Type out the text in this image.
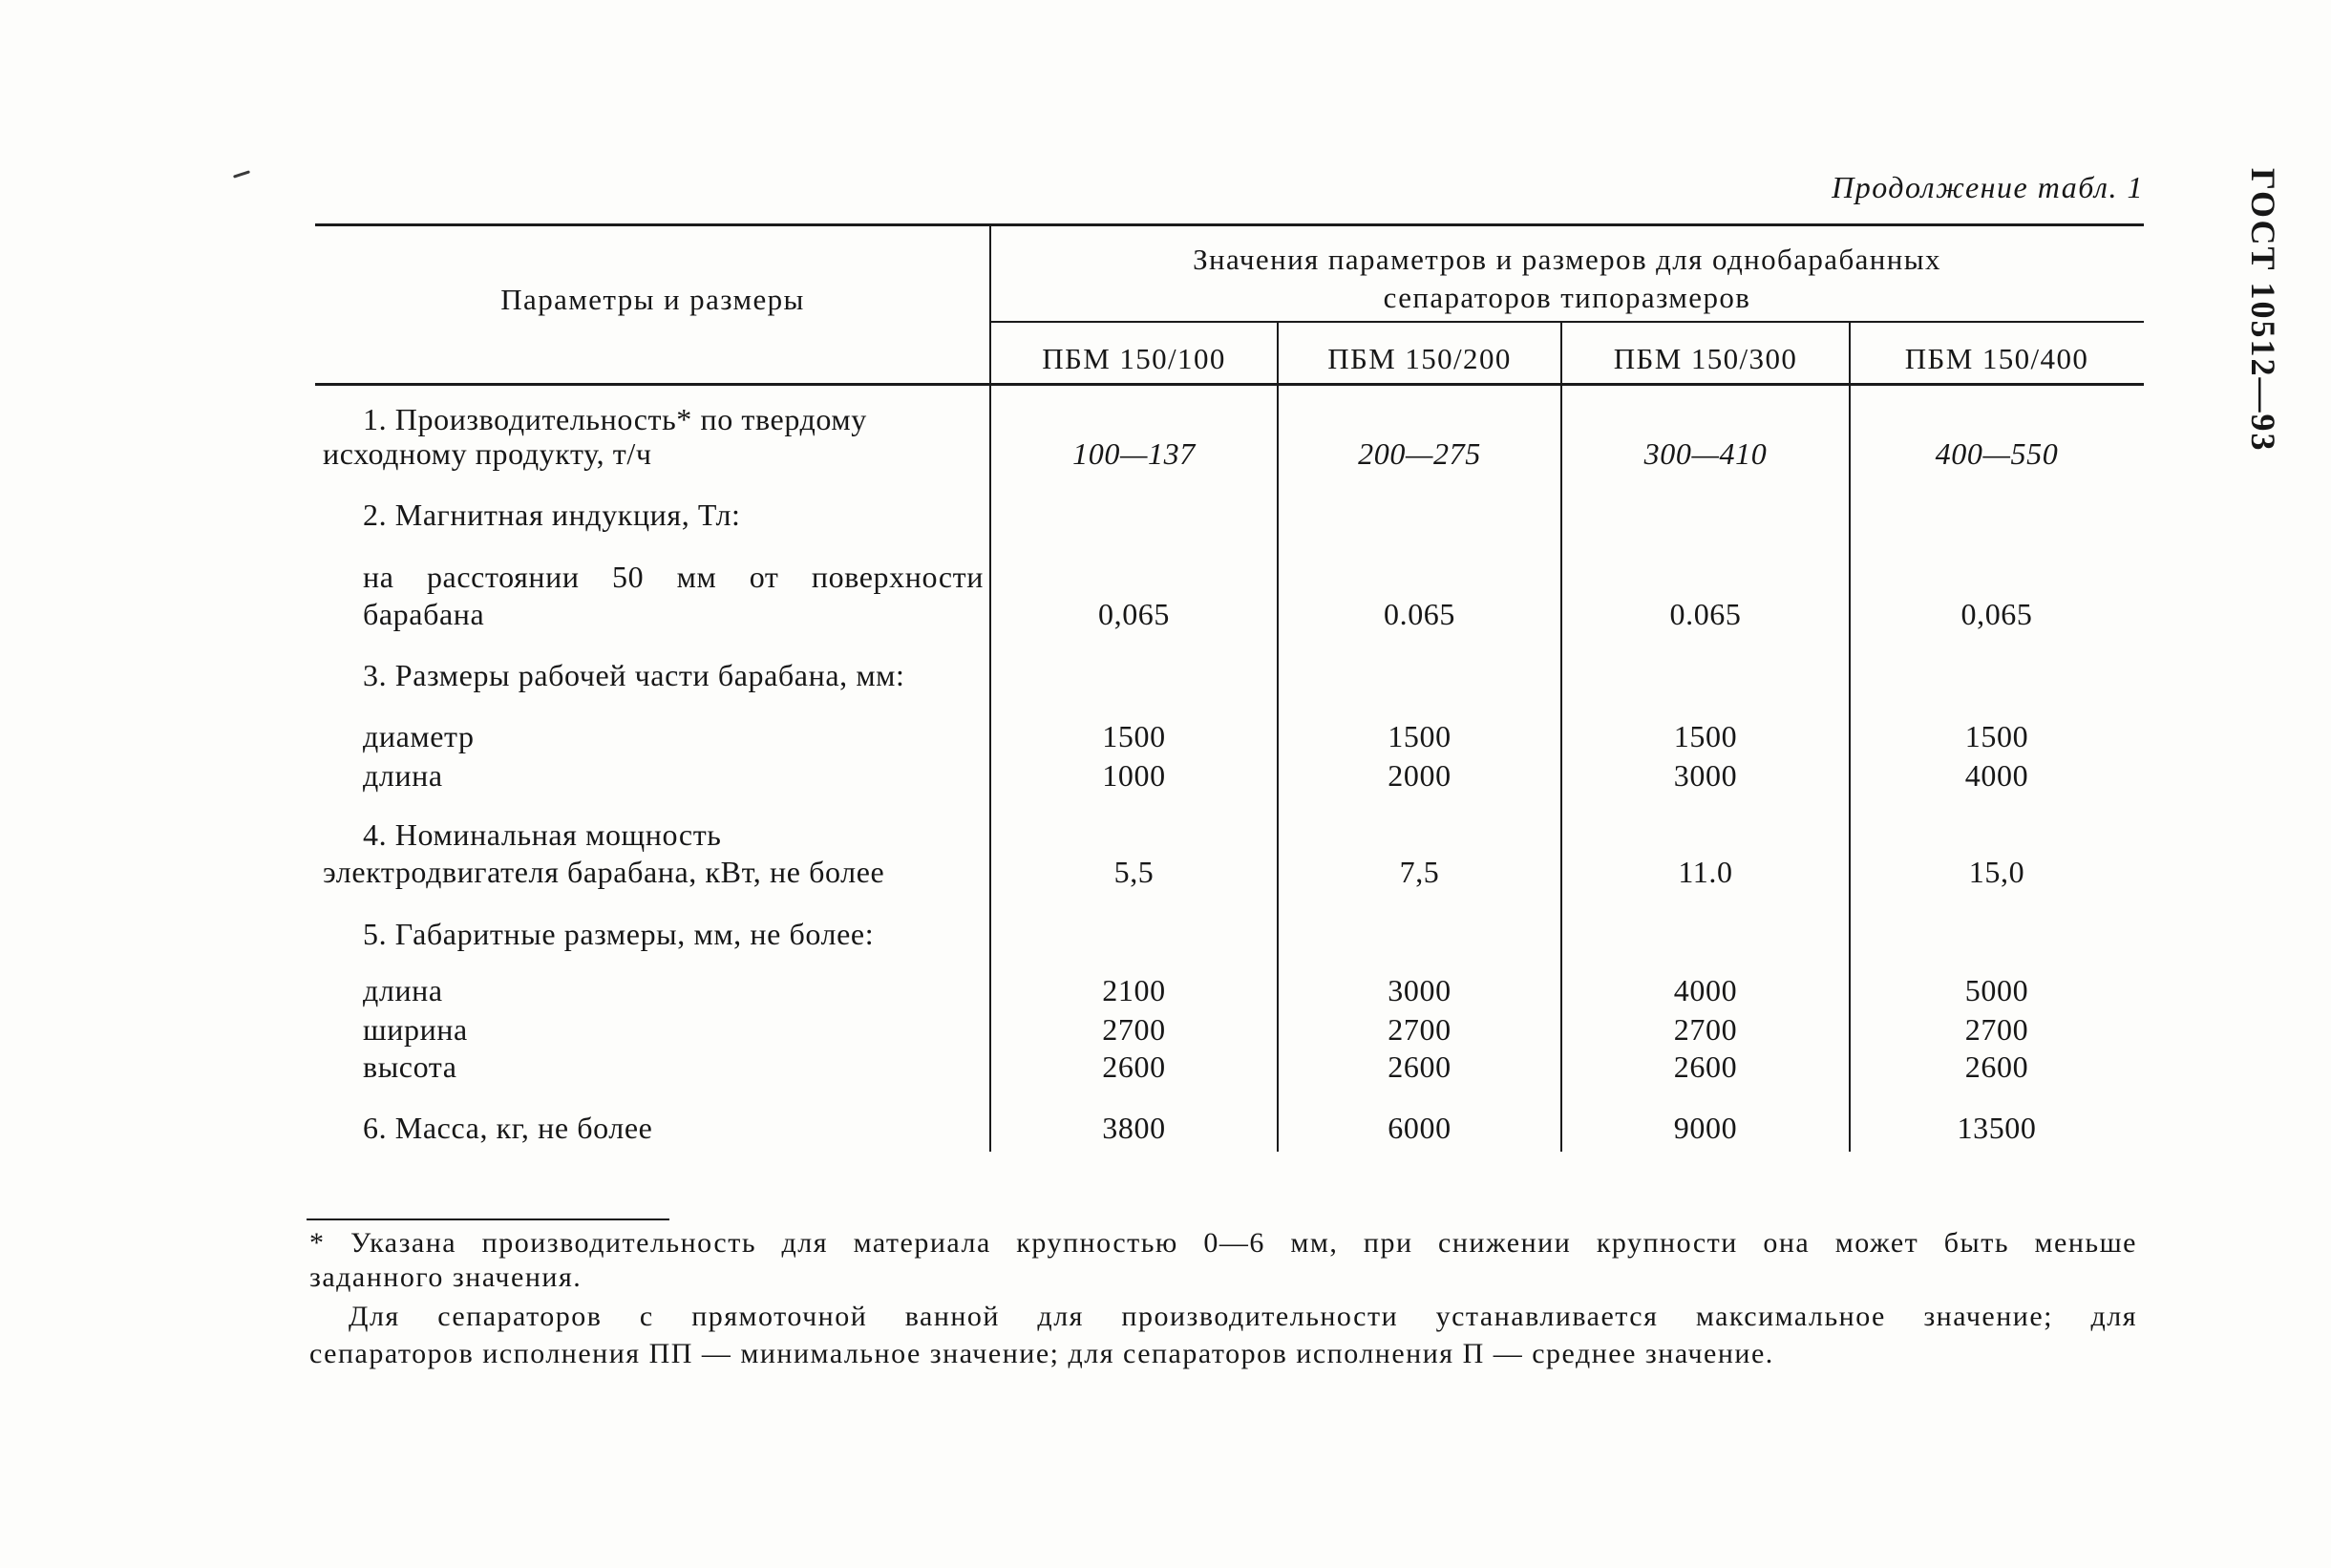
Продолжение табл. 1	ГОСТ 10512—93
Параметры и размеры
Значения параметров и размеров для однобарабанных
сепараторов типоразмеров
ПБМ 150/100	ПБМ 150/200	ПБМ 150/300	ПБМ 150/400
1. Производительность* по твердому
исходному продукту, т/ч	100—137	200—275	300—410	400—550
2. Магнитная индукция, Тл:
на расстоянии 50 мм от поверхности
барабана	0,065	0.065	0.065	0,065
3. Размеры рабочей части барабана, мм:
диаметр	1500	1500	1500	1500
длина	1000	2000	3000	4000
4. Номинальная мощность
электродвигателя барабана, кВт, не более	5,5	7,5	11.0	15,0
5. Габаритные размеры, мм, не более:
длина	2100	3000	4000	5000
ширина	2700	2700	2700	2700
высота	2600	2600	2600	2600
6. Масса, кг, не более	3800	6000	9000	13500
* Указана производительность для материала крупностью 0—6 мм, при снижении крупности она может быть меньше
заданного значения.
Для сепараторов с прямоточной ванной для производительности устанавливается максимальное значение; для
сепараторов исполнения ПП — минимальное значение; для сепараторов исполнения П — среднее значение.
